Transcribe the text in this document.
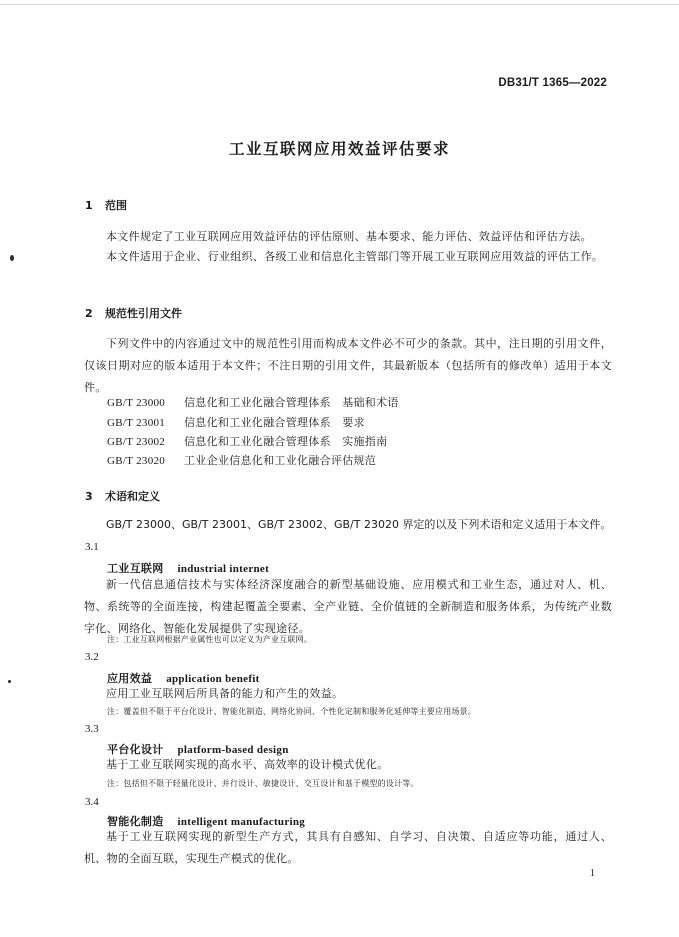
DB31/T 1365—2022
工业互联网应用效益评估要求
1 范围

本文件规定了工业互联网应用效益评估的评估原则、基本要求、能力评估、效益评估和评估方法。

本文件适用于企业、行业组织、各级工业和信息化主管部门等开展工业互联网应用效益的评估工作。

2 规范性引用文件

下列文件中的内容通过文中的规范性引用而构成本文件必不可少的条款。其中，注日期的引用文件，仅该日期对应的版本适用于本文件；不注日期的引用文件，其最新版本（包括所有的修改单）适用于本文件。

GB/T 23000 信息化和工业化融合管理体系　基础和术语
GB/T 23001 信息化和工业化融合管理体系　要求
GB/T 23002 信息化和工业化融合管理体系　实施指南
GB/T 23020 工业企业信息化和工业化融合评估规范
3 术语和定义

GB/T 23000、GB/T 23001、GB/T 23002、GB/T 23020 界定的以及下列术语和定义适用于本文件。

3.1
工业互联网 industrial internet

新一代信息通信技术与实体经济深度融合的新型基础设施、应用模式和工业生态，通过对人、机、物、系统等的全面连接，构建起覆盖全要素、全产业链、全价值链的全新制造和服务体系，为传统产业数字化、网络化、智能化发展提供了实现途径。

注：工业互联网根据产业属性也可以定义为产业互联网。
3.2
应用效益 application benefit

应用工业互联网后所具备的能力和产生的效益。

注：覆盖但不限于平台化设计、智能化制造、网络化协同、个性化定制和服务化延伸等主要应用场景。
3.3
平台化设计 platform-based design

基于工业互联网实现的高水平、高效率的设计模式优化。

注：包括但不限于轻量化设计、并行设计、敏捷设计、交互设计和基于模型的设计等。
3.4
智能化制造 intelligent manufacturing

基于工业互联网实现的新型生产方式，其具有自感知、自学习、自决策、自适应等功能，通过人、机、物的全面互联，实现生产模式的优化。

1
